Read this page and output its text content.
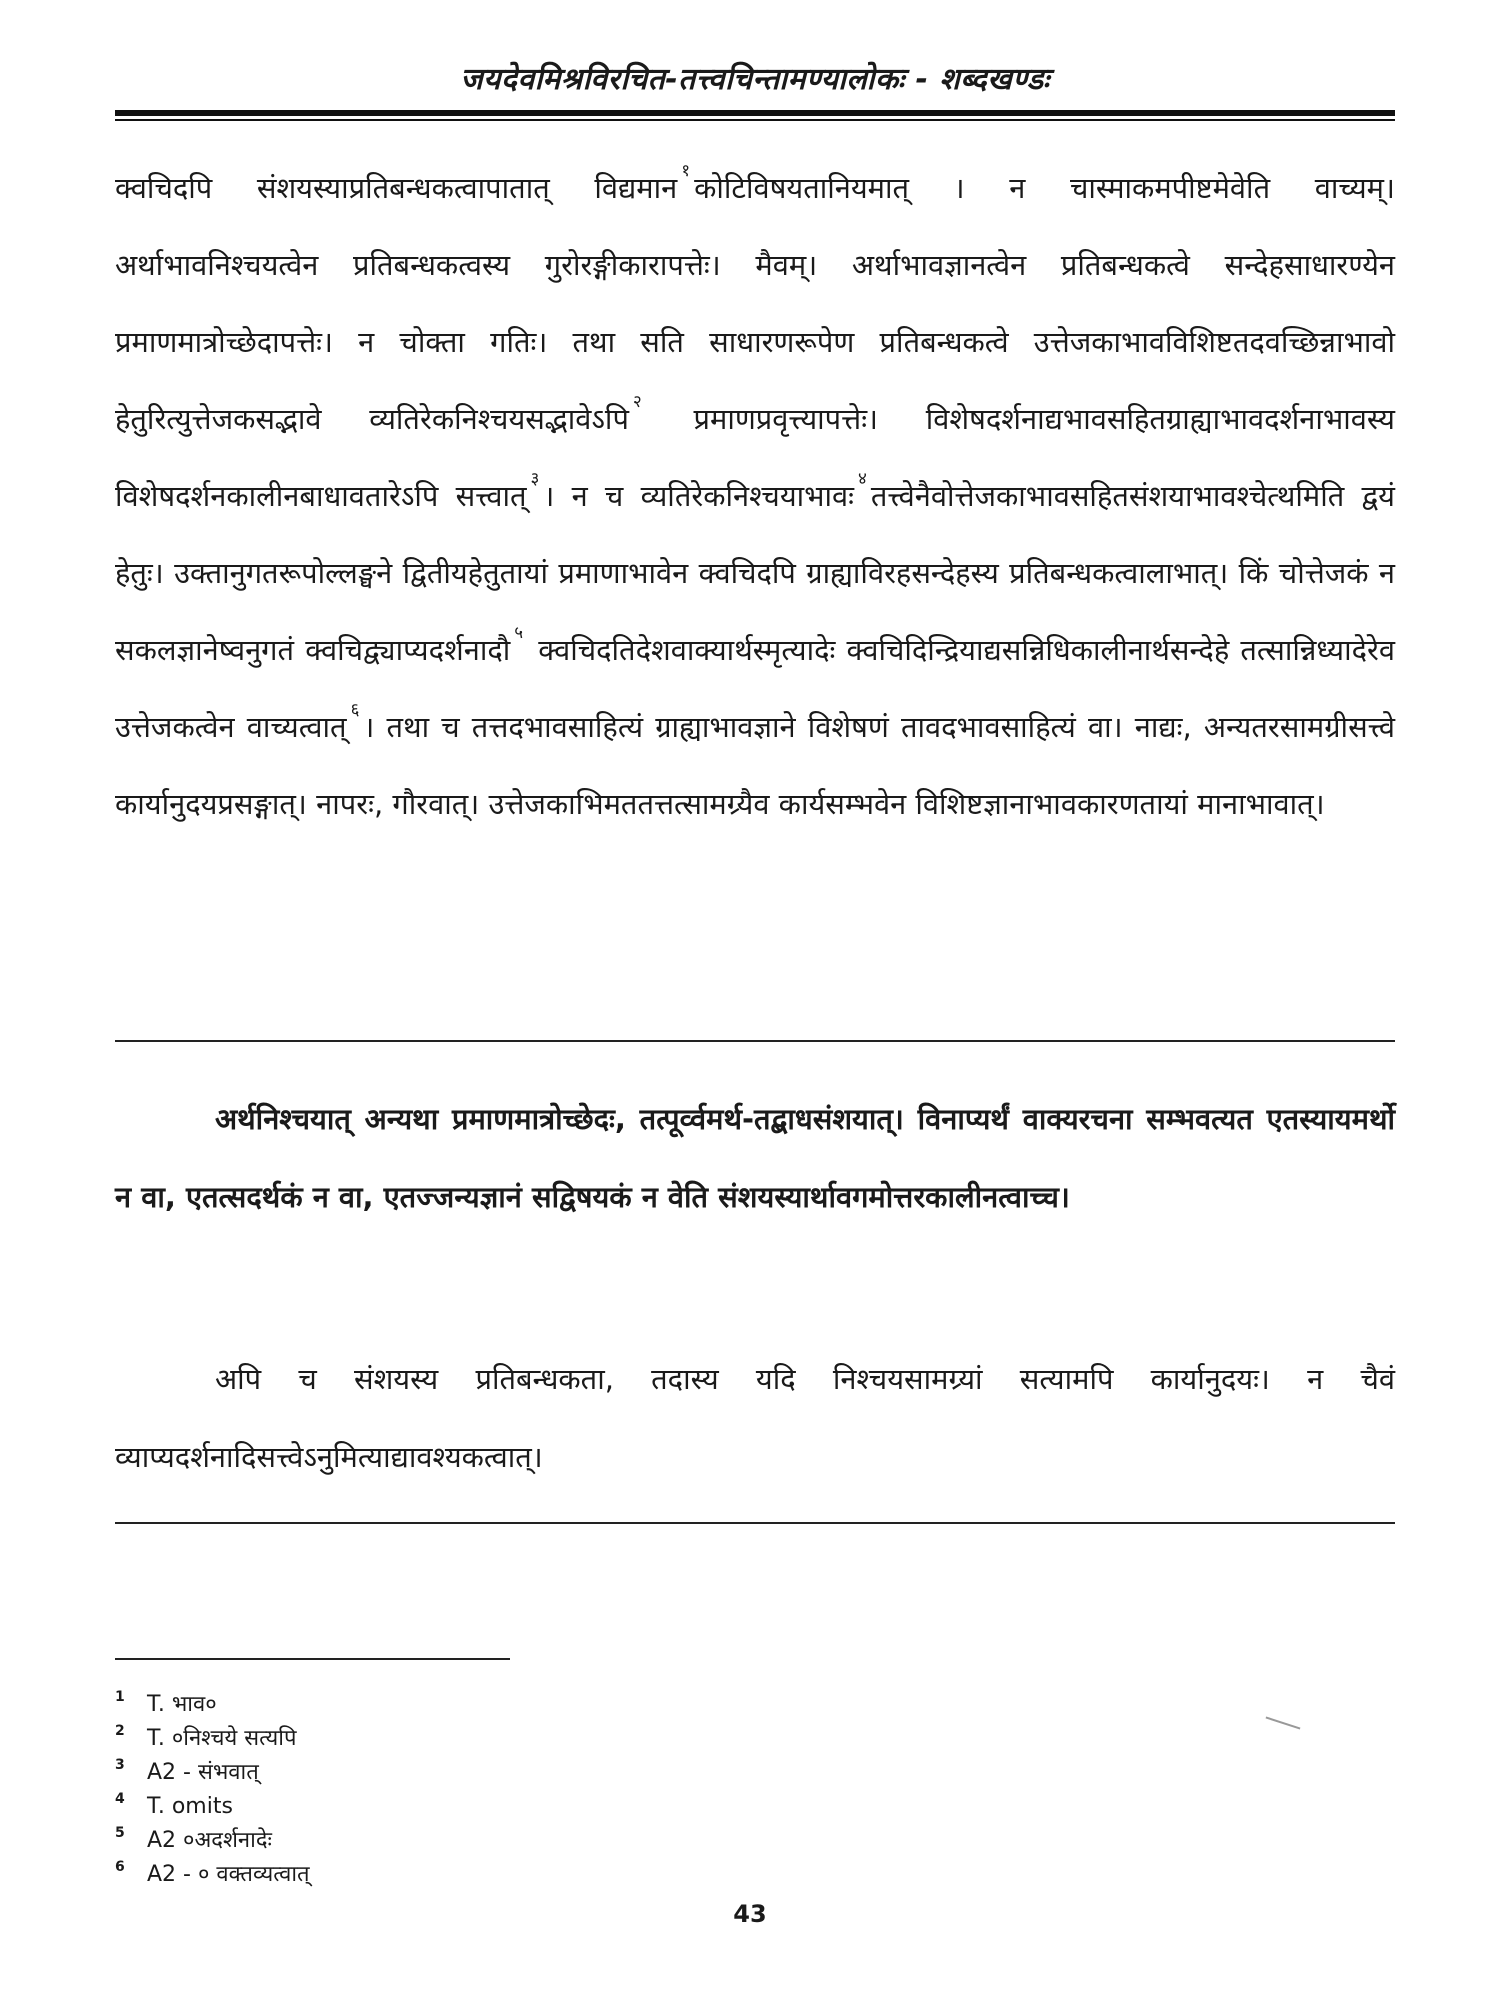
जयदेवमिश्रविरचित-तत्त्वचिन्तामण्यालोकः - शब्दखण्डः
क्वचिदपि संशयस्याप्रतिबन्धकत्वापातात् विद्यमान $^१$ कोटिविषयतानियमात् । न चास्माकमपीष्टमेवेति वाच्यम्। अर्थाभावनिश्चयत्वेन प्रतिबन्धकत्वस्य गुरोरङ्गीकारापत्तेः। मैवम्। अर्थाभावज्ञानत्वेन प्रतिबन्धकत्वे सन्देहसाधारण्येन प्रमाणमात्रोच्छेदापत्तेः। न चोक्ता गतिः। तथा सति साधारणरूपेण प्रतिबन्धकत्वे उत्तेजकाभावविशिष्टतदवच्छिन्नाभावो हेतुरित्युत्तेजकसद्भावे व्यतिरेकनिश्चयसद्भावेऽपि $^२$ प्रमाणप्रवृत्त्यापत्तेः। विशेषदर्शनाद्यभावसहितग्राह्याभावदर्शनाभावस्य विशेषदर्शनकालीनबाधावतारेऽपि सत्त्वात् $^३$ । न च व्यतिरेकनिश्चयाभावः $^४$ तत्त्वेनैवोत्तेजकाभावसहितसंशयाभावश्चेत्थमिति द्वयं हेतुः। उक्तानुगतरूपोल्लङ्घने द्वितीयहेतुतायां प्रमाणाभावेन क्वचिदपि ग्राह्याविरहसन्देहस्य प्रतिबन्धकत्वालाभात्। किं चोत्तेजकं न सकलज्ञानेष्वनुगतं क्वचिद्व्याप्यदर्शनादौ $^५$ क्वचिदतिदेशवाक्यार्थस्मृत्यादेः क्वचिदिन्द्रियाद्यसन्निधिकालीनार्थसन्देहे तत्सान्निध्यादेरेव उत्तेजकत्वेन वाच्यत्वात् $^६$ । तथा च तत्तदभावसाहित्यं ग्राह्याभावज्ञाने विशेषणं तावदभावसाहित्यं वा। नाद्यः, अन्यतरसामग्रीसत्त्वे कार्यानुदयप्रसङ्गात्। नापरः, गौरवात्। उत्तेजकाभिमततत्तत्सामग्र्यैव कार्यसम्भवेन विशिष्टज्ञानाभावकारणतायां मानाभावात्।
अर्थनिश्चयात् अन्यथा प्रमाणमात्रोच्छेदः, तत्पूर्व्वमर्थ-तद्बाधसंशयात्। विनाप्यर्थं वाक्यरचना सम्भवत्यत एतस्यायमर्थो न वा, एतत्सदर्थकं न वा, एतज्जन्यज्ञानं सद्विषयकं न वेति संशयस्यार्थावगमोत्तरकालीनत्वाच्च।
अपि च संशयस्य प्रतिबन्धकता, तदास्य यदि निश्चयसामग्र्यां सत्यामपि कार्यानुदयः। न चैवं व्याप्यदर्शनादिसत्त्वेऽनुमित्याद्यावश्यकत्वात्।
1 T. भाव०
2 T. ०निश्चये सत्यपि
3 A2 - संभवात्
4 T. omits
5 A2 ०अदर्शनादेः
6 A2 - ० वक्तव्यत्वात्
43
